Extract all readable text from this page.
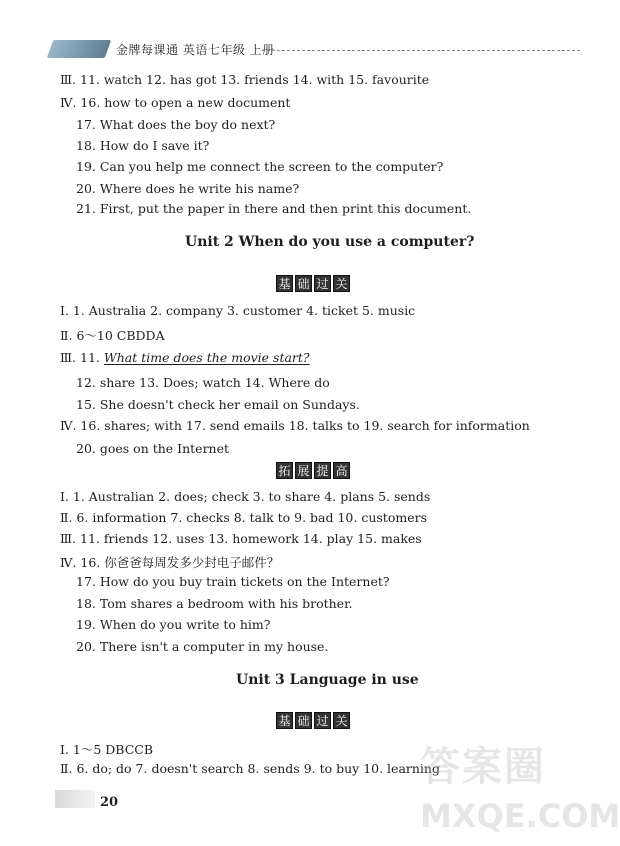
金牌每课通 英语七年级 上册
Ⅲ. 11. watch 12. has got 13. friends 14. with 15. favourite
Ⅳ. 16. how to open a new document
17. What does the boy do next?
18. How do I save it?
19. Can you help me connect the screen to the computer?
20. Where does he write his name?
21. First, put the paper in there and then print this document.
Unit 2 When do you use a computer?
基 础 过 关
Ⅰ. 1. Australia 2. company 3. customer 4. ticket 5. music
Ⅱ. 6～10 CBDDA
Ⅲ. 11. What time does the movie start?
12. share 13. Does; watch 14. Where do
15. She doesn't check her email on Sundays.
Ⅳ. 16. shares; with 17. send emails 18. talks to 19. search for information
20. goes on the Internet
拓 展 提 高
Ⅰ. 1. Australian 2. does; check 3. to share 4. plans 5. sends
Ⅱ. 6. information 7. checks 8. talk to 9. bad 10. customers
Ⅲ. 11. friends 12. uses 13. homework 14. play 15. makes
Ⅳ. 16. 你爸爸每周发多少封电子邮件？
17. How do you buy train tickets on the Internet?
18. Tom shares a bedroom with his brother.
19. When do you write to him?
20. There isn't a computer in my house.
Unit 3 Language in use
基 础 过 关
Ⅰ. 1～5 DBCCB
Ⅱ. 6. do; do 7. doesn't search 8. sends 9. to buy 10. learning
20
答案圈
MXQE.COM
